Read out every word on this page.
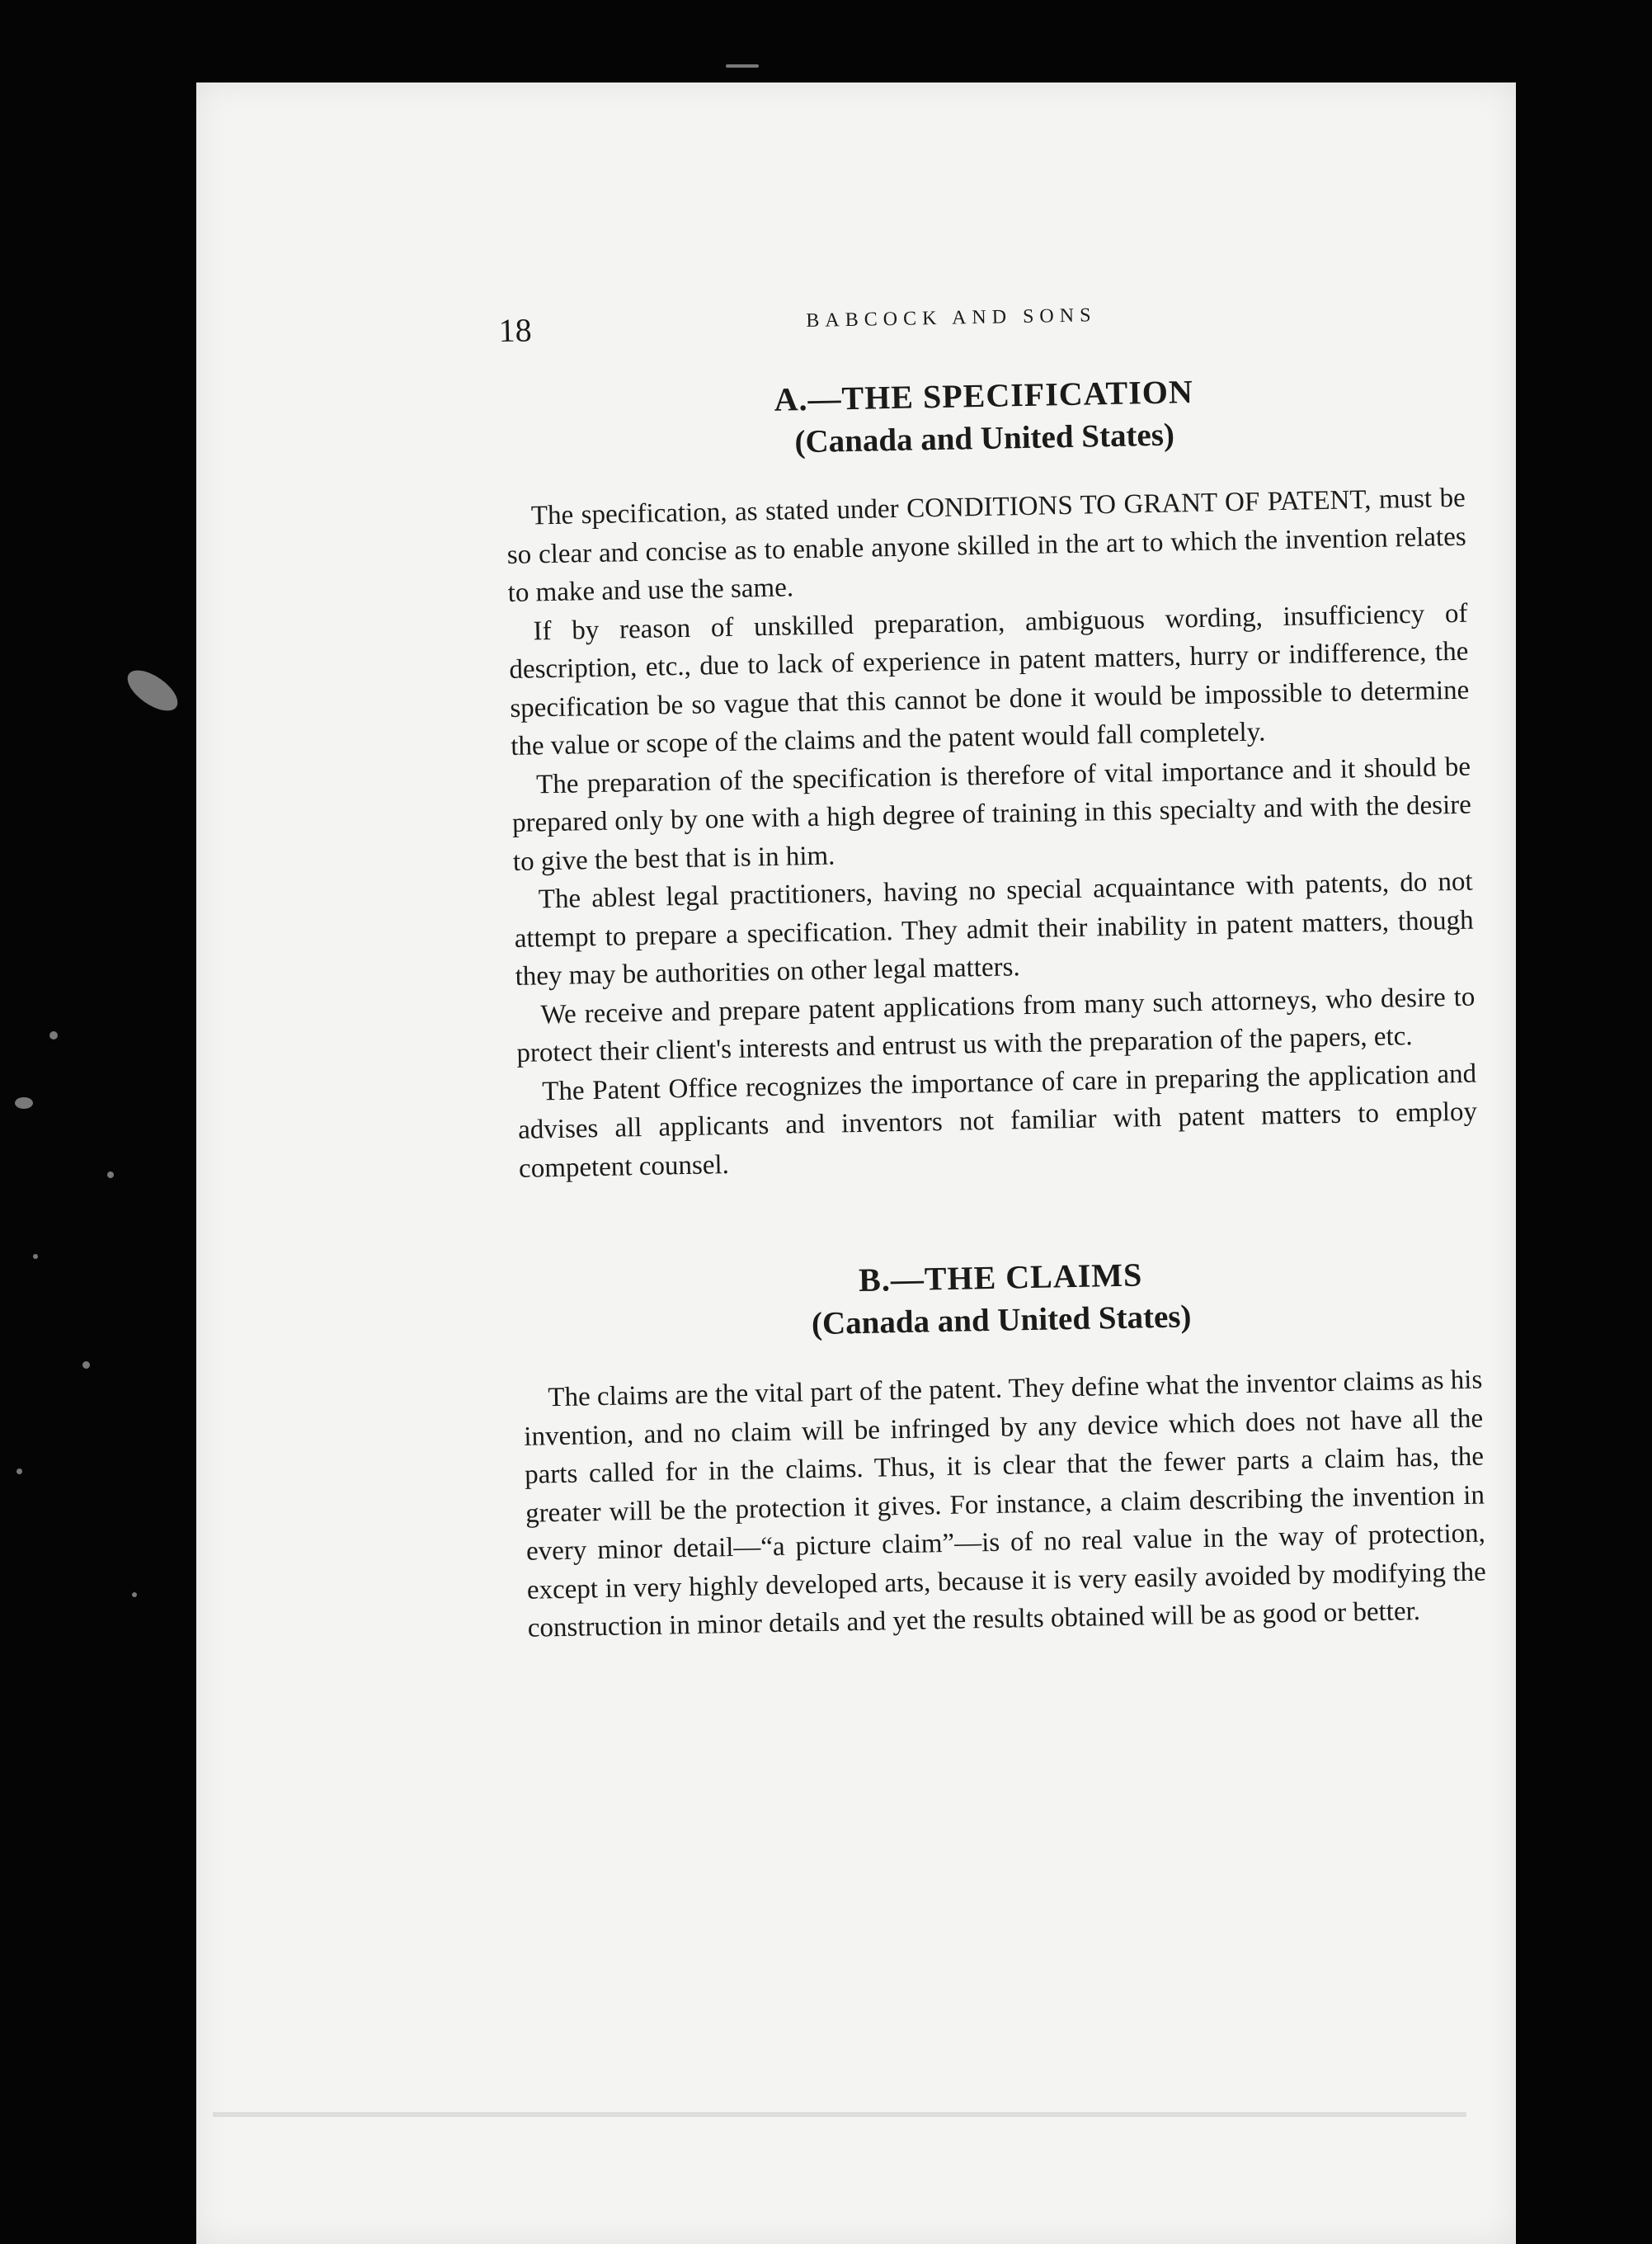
18	BABCOCK AND SONS
A.—THE SPECIFICATION
(Canada and United States)

The specification, as stated under CONDITIONS TO GRANT OF PATENT, must be so clear and concise as to enable anyone skilled in the art to which the invention relates to make and use the same.

If by reason of unskilled preparation, ambiguous wording, insufficiency of description, etc., due to lack of experience in patent matters, hurry or indifference, the specification be so vague that this cannot be done it would be impossible to determine the value or scope of the claims and the patent would fall completely.

The preparation of the specification is therefore of vital importance and it should be prepared only by one with a high degree of training in this specialty and with the desire to give the best that is in him.

The ablest legal practitioners, having no special acquaintance with patents, do not attempt to prepare a specification. They admit their inability in patent matters, though they may be authorities on other legal matters.

We receive and prepare patent applications from many such attorneys, who desire to protect their client's interests and entrust us with the preparation of the papers, etc.

The Patent Office recognizes the importance of care in preparing the application and advises all applicants and inventors not familiar with patent matters to employ competent counsel.

B.—THE CLAIMS
(Canada and United States)

The claims are the vital part of the patent. They define what the inventor claims as his invention, and no claim will be infringed by any device which does not have all the parts called for in the claims. Thus, it is clear that the fewer parts a claim has, the greater will be the protection it gives. For instance, a claim describing the invention in every minor detail—“a picture claim”—is of no real value in the way of protection, except in very highly developed arts, because it is very easily avoided by modifying the construction in minor details and yet the results obtained will be as good or better.
